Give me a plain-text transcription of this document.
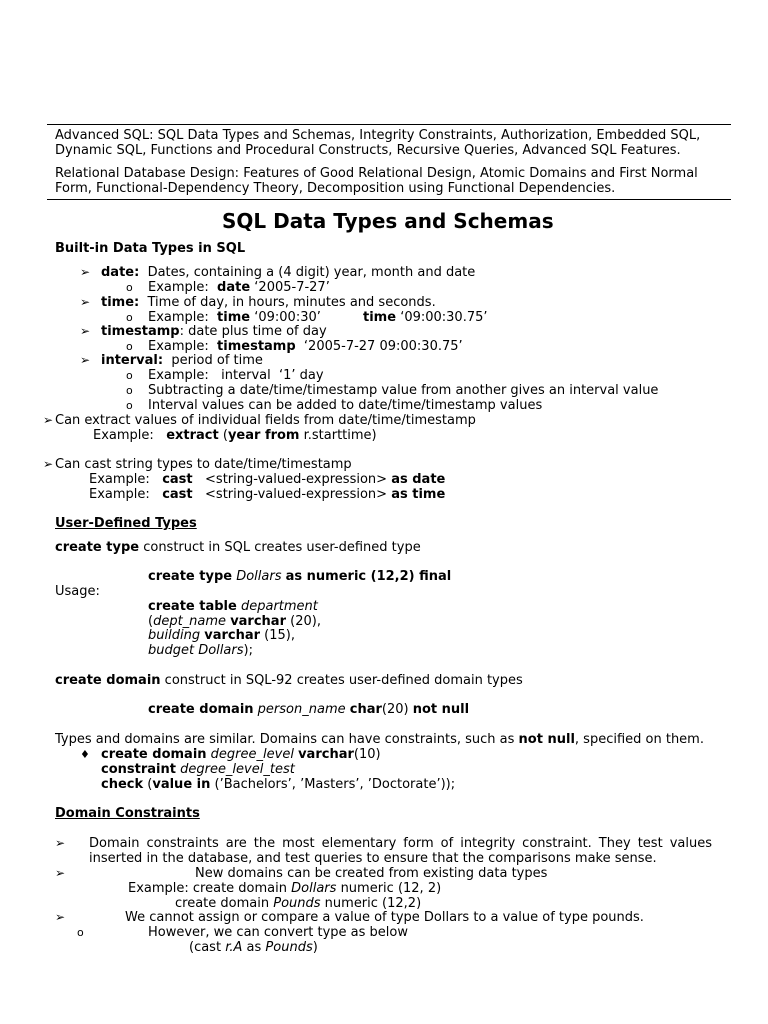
Advanced SQL: SQL Data Types and Schemas, Integrity Constraints, Authorization, Embedded SQL,
Dynamic SQL, Functions and Procedural Constructs, Recursive Queries, Advanced SQL Features.
Relational Database Design: Features of Good Relational Design, Atomic Domains and First Normal
Form, Functional-Dependency Theory, Decomposition using Functional Dependencies.
SQL Data Types and Schemas
Built-in Data Types in SQL
➢ date: Dates, containing a (4 digit) year, month and date
o Example: date ‘2005-7-27’
➢ time: Time of day, in hours, minutes and seconds.
o Example: time ‘09:00:30’	time ‘09:00:30.75’
➢ timestamp: date plus time of day
o Example: timestamp ‘2005-7-27 09:00:30.75’
➢ interval: period of time
o Example:   interval  ‘1’ day
o Subtracting a date/time/timestamp value from another gives an interval value
o Interval values can be added to date/time/timestamp values
➢ Can extract values of individual fields from date/time/timestamp
Example: extract (year from r.starttime)
➢ Can cast string types to date/time/timestamp
Example: cast <string-valued-expression> as date
Example: cast <string-valued-expression> as time
User-Defined Types
create type construct in SQL creates user-defined type
create type Dollars as numeric (12,2) final
Usage:
create table department
(dept_name varchar (20),
building varchar (15),
budget Dollars);
create domain construct in SQL-92 creates user-defined domain types
create domain person_name char(20) not null
Types and domains are similar. Domains can have constraints, such as not null, specified on them.
♦ create domain degree_level varchar(10)
constraint degree_level_test
check (value in (’Bachelors’, ’Masters’, ’Doctorate’));
Domain Constraints
➢ Domain constraints are the most elementary form of integrity constraint. They test values
inserted in the database, and test queries to ensure that the comparisons make sense.
➢	New domains can be created from existing data types
Example: create domain Dollars numeric (12, 2)
create domain Pounds numeric (12,2)
➢	We cannot assign or compare a value of type Dollars to a value of type pounds.
o	However, we can convert type as below
(cast r.A as Pounds)
